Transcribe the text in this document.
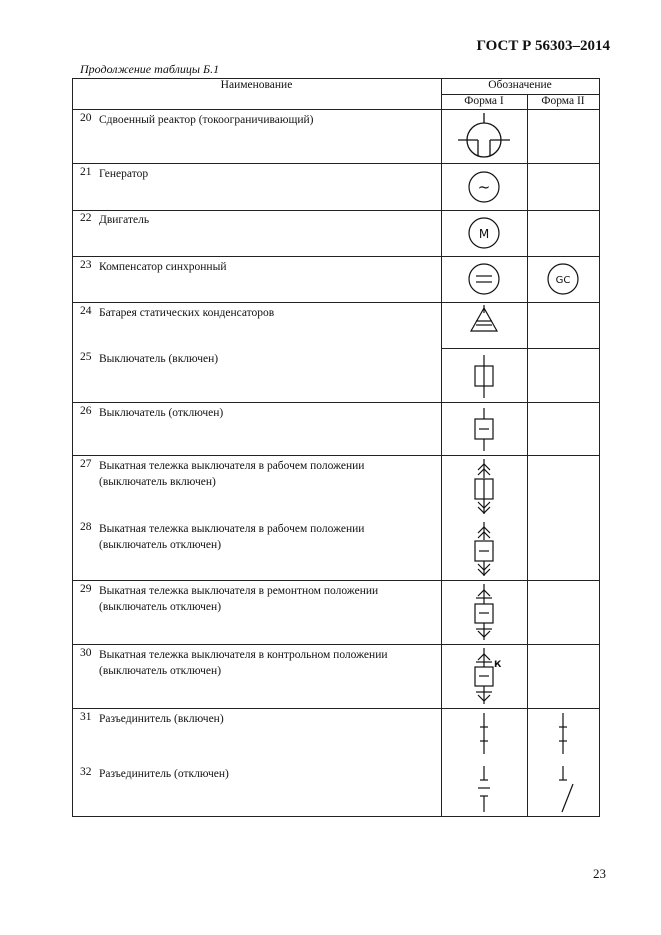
ГОСТ Р 56303–2014
Продолжение таблицы Б.1
Наименование	Обозначение
Форма I	Форма II
20 Сдвоенный реактор (токоограничивающий)
21 Генератор
22 Двигатель
23 Компенсатор синхронный
24 Батарея статических конденсаторов
25 Выключатель (включен)
26 Выключатель (отключен)
27 Выкатная тележка выключателя в рабочем положении (выключатель включен)
28 Выкатная тележка выключателя в рабочем положении (выключатель отключен)
29 Выкатная тележка выключателя в ремонтном положении (выключатель отключен)
30 Выкатная тележка выключателя в контрольном положении (выключатель отключен)
31 Разъединитель (включен)
32 Разъединитель (отключен)
~
M
GC
К
23
